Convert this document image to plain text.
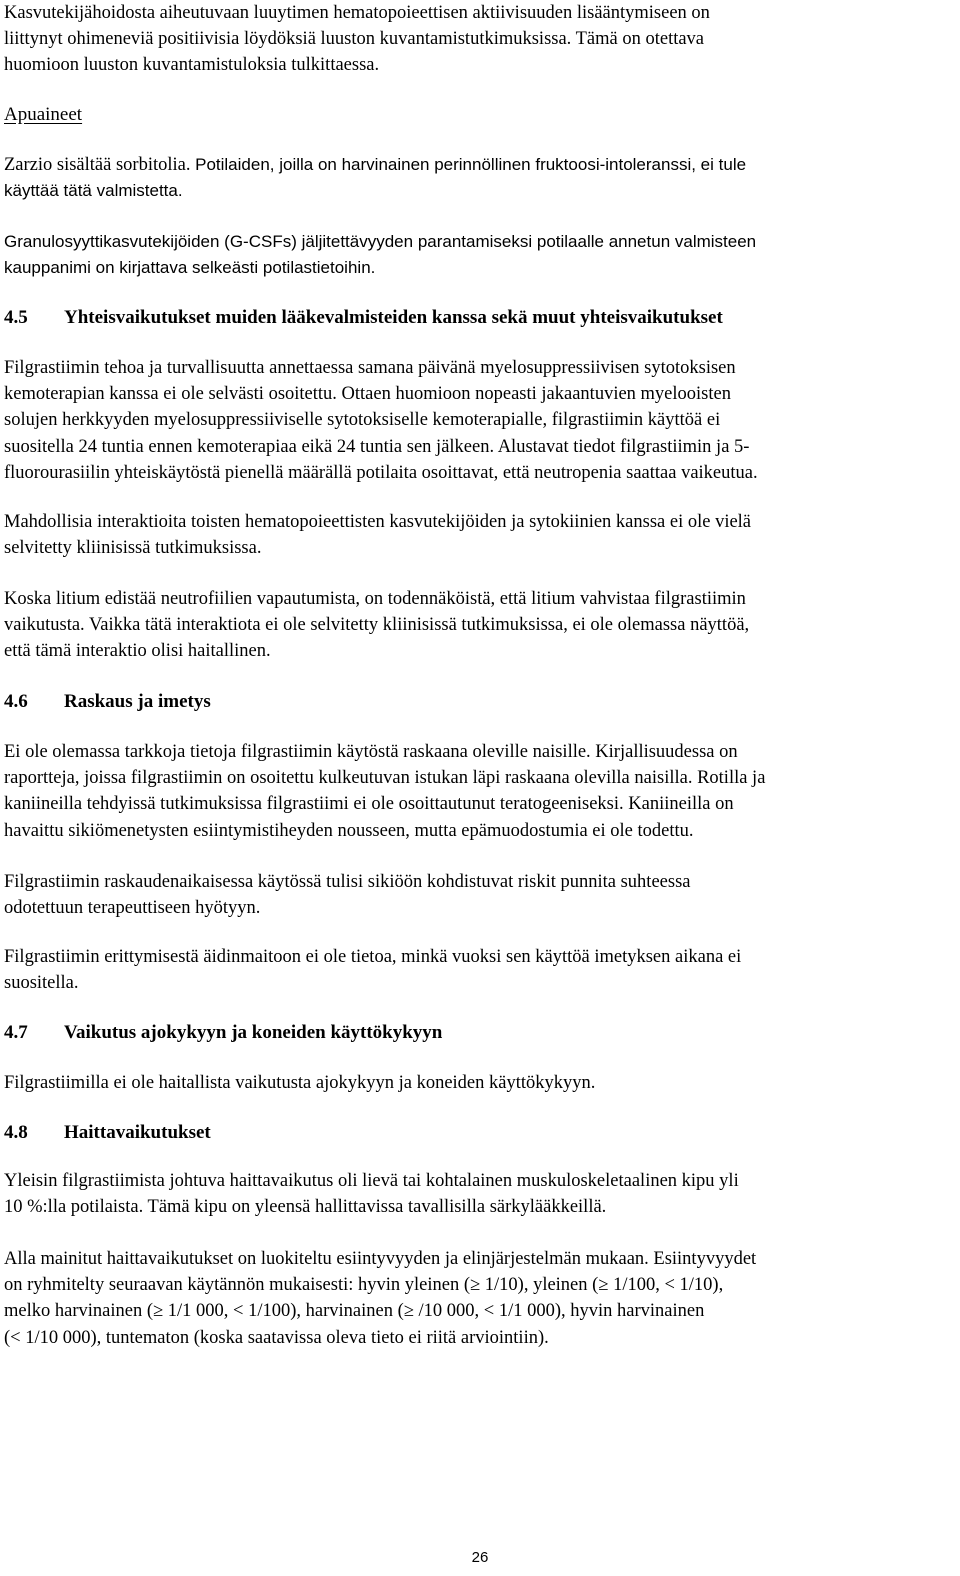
Kasvutekijähoidosta aiheutuvaan luuytimen hematopoieettisen aktiivisuuden lisääntymiseen on
liittynyt ohimeneviä positiivisia löydöksiä luuston kuvantamistutkimuksissa. Tämä on otettava
huomioon luuston kuvantamistuloksia tulkittaessa.
Apuaineet
Zarzio sisältää sorbitolia. Potilaiden, joilla on harvinainen perinnöllinen fruktoosi-intoleranssi, ei tule
käyttää tätä valmistetta.
Granulosyyttikasvutekijöiden (G-CSFs) jäljitettävyyden parantamiseksi potilaalle annetun valmisteen
kauppanimi on kirjattava selkeästi potilastietoihin.
4.5 Yhteisvaikutukset muiden lääkevalmisteiden kanssa sekä muut yhteisvaikutukset
Filgrastiimin tehoa ja turvallisuutta annettaessa samana päivänä myelosuppressiivisen sytotoksisen
kemoterapian kanssa ei ole selvästi osoitettu. Ottaen huomioon nopeasti jakaantuvien myelooisten
solujen herkkyyden myelosuppressiiviselle sytotoksiselle kemoterapialle, filgrastiimin käyttöä ei
suositella 24 tuntia ennen kemoterapiaa eikä 24 tuntia sen jälkeen. Alustavat tiedot filgrastiimin ja 5-
fluorourasiilin yhteiskäytöstä pienellä määrällä potilaita osoittavat, että neutropenia saattaa vaikeutua.
Mahdollisia interaktioita toisten hematopoieettisten kasvutekijöiden ja sytokiinien kanssa ei ole vielä
selvitetty kliinisissä tutkimuksissa.
Koska litium edistää neutrofiilien vapautumista, on todennäköistä, että litium vahvistaa filgrastiimin
vaikutusta. Vaikka tätä interaktiota ei ole selvitetty kliinisissä tutkimuksissa, ei ole olemassa näyttöä,
että tämä interaktio olisi haitallinen.
4.6 Raskaus ja imetys
Ei ole olemassa tarkkoja tietoja filgrastiimin käytöstä raskaana oleville naisille. Kirjallisuudessa on
raportteja, joissa filgrastiimin on osoitettu kulkeutuvan istukan läpi raskaana olevilla naisilla. Rotilla ja
kaniineilla tehdyissä tutkimuksissa filgrastiimi ei ole osoittautunut teratogeeniseksi. Kaniineilla on
havaittu sikiömenetysten esiintymistiheyden nousseen, mutta epämuodostumia ei ole todettu.
Filgrastiimin raskaudenaikaisessa käytössä tulisi sikiöön kohdistuvat riskit punnita suhteessa
odotettuun terapeuttiseen hyötyyn.
Filgrastiimin erittymisestä äidinmaitoon ei ole tietoa, minkä vuoksi sen käyttöä imetyksen aikana ei
suositella.
4.7 Vaikutus ajokykyyn ja koneiden käyttökykyyn
Filgrastiimilla ei ole haitallista vaikutusta ajokykyyn ja koneiden käyttökykyyn.
4.8 Haittavaikutukset
Yleisin filgrastiimista johtuva haittavaikutus oli lievä tai kohtalainen muskuloskeletaalinen kipu yli
10 %:lla potilaista. Tämä kipu on yleensä hallittavissa tavallisilla särkylääkkeillä.
Alla mainitut haittavaikutukset on luokiteltu esiintyvyyden ja elinjärjestelmän mukaan. Esiintyvyydet
on ryhmitelty seuraavan käytännön mukaisesti: hyvin yleinen (≥ 1/10), yleinen (≥ 1/100, < 1/10),
melko harvinainen (≥ 1/1 000, < 1/100), harvinainen (≥ /10 000, < 1/1 000), hyvin harvinainen
(< 1/10 000), tuntematon (koska saatavissa oleva tieto ei riitä arviointiin).
26
